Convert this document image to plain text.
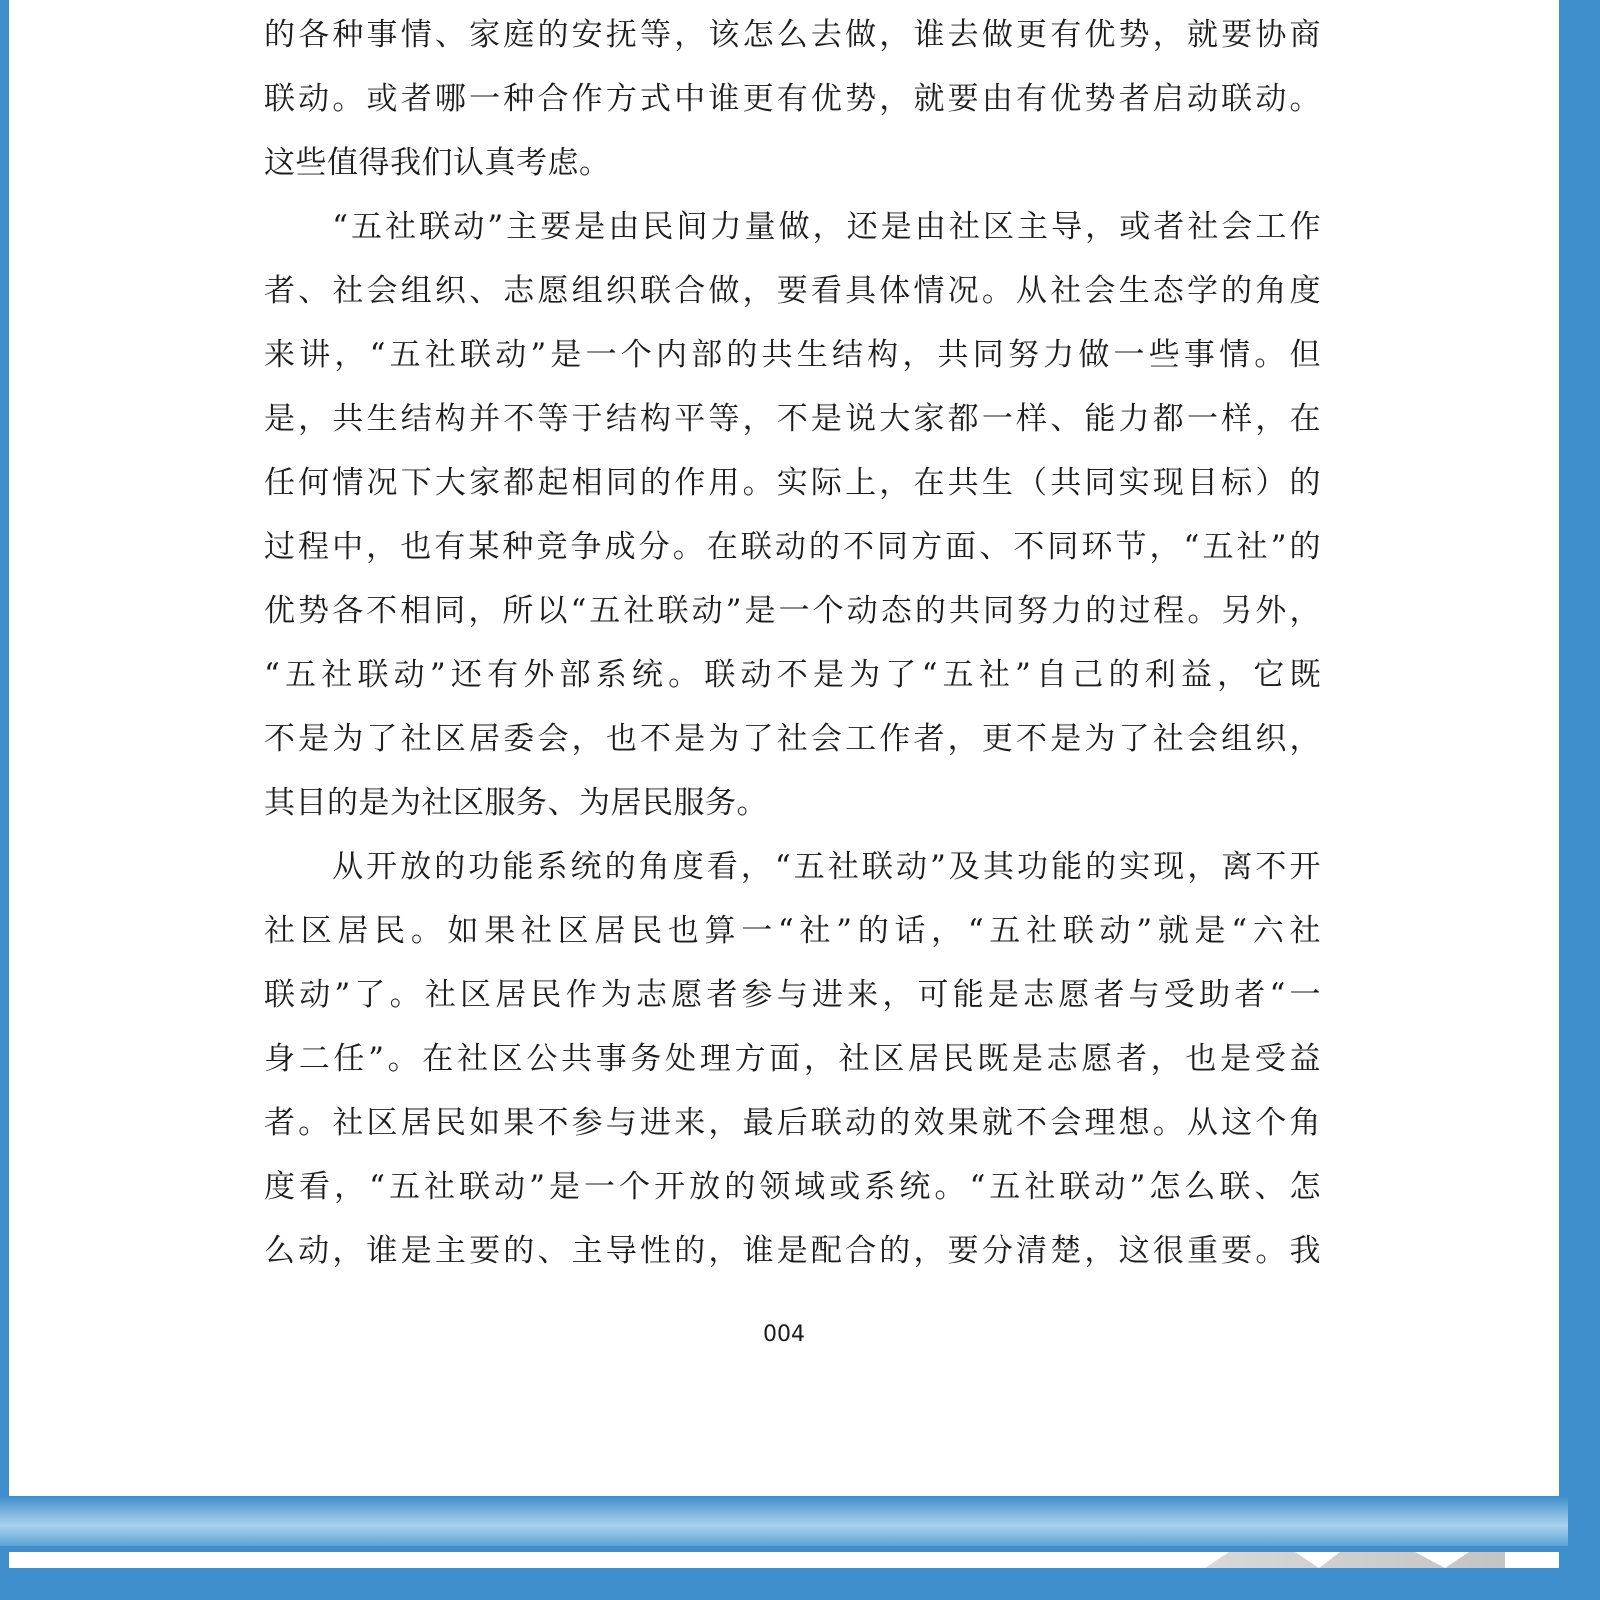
的各种事情、家庭的安抚等，该怎么去做，谁去做更有优势，就要协商
联动。或者哪一种合作方式中谁更有优势，就要由有优势者启动联动。
这些值得我们认真考虑。
　　“五社联动”主要是由民间力量做，还是由社区主导，或者社会工作
者、社会组织、志愿组织联合做，要看具体情况。从社会生态学的角度
来讲，“五社联动”是一个内部的共生结构，共同努力做一些事情。但
是，共生结构并不等于结构平等，不是说大家都一样、能力都一样，在
任何情况下大家都起相同的作用。实际上，在共生（共同实现目标）的
过程中，也有某种竞争成分。在联动的不同方面、不同环节，“五社”的
优势各不相同，所以“五社联动”是一个动态的共同努力的过程。另外，
“五社联动”还有外部系统。联动不是为了“五社”自己的利益，它既
不是为了社区居委会，也不是为了社会工作者，更不是为了社会组织，
其目的是为社区服务、为居民服务。
　　从开放的功能系统的角度看，“五社联动”及其功能的实现，离不开
社区居民。如果社区居民也算一“社”的话，“五社联动”就是“六社
联动”了。社区居民作为志愿者参与进来，可能是志愿者与受助者“一
身二任”。在社区公共事务处理方面，社区居民既是志愿者，也是受益
者。社区居民如果不参与进来，最后联动的效果就不会理想。从这个角
度看，“五社联动”是一个开放的领域或系统。“五社联动”怎么联、怎
么动，谁是主要的、主导性的，谁是配合的，要分清楚，这很重要。我
004
